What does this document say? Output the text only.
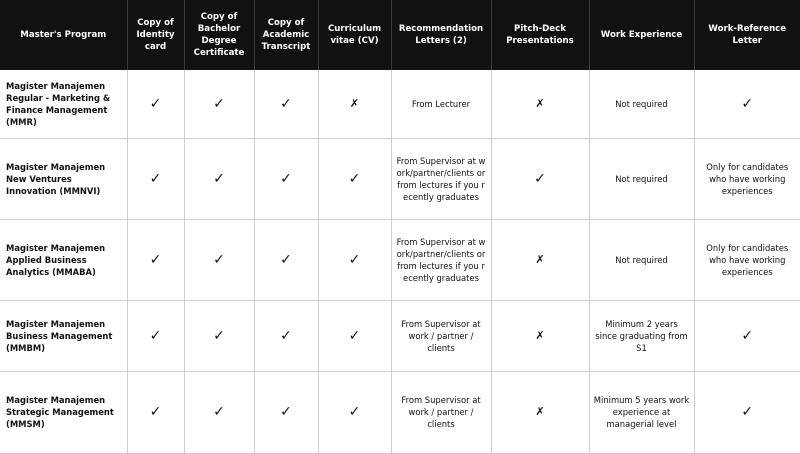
Master's Program	Copy of Identity card	Copy of Bachelor Degree Certificate	Copy of Academic Transcript	Curriculum vitae (CV)	Recommendation Letters (2)	Pitch-Deck Presentations	Work Experience	Work-Reference Letter
Magister Manajemen Regular - Marketing & Finance Management (MMR)	✓	✓	✓	✗	From Lecturer	✗	Not required	✓
Magister Manajemen New Ventures Innovation (MMNVI)	✓	✓	✓	✓	From Supervisor at work/partner/clients or from lectures if you recently graduates	✓	Not required	Only for candidates who have working experiences
Magister Manajemen Applied Business Analytics (MMABA)	✓	✓	✓	✓	From Supervisor at work/partner/clients or from lectures if you recently graduates	✗	Not required	Only for candidates who have working experiences
Magister Manajemen Business Management (MMBM)	✓	✓	✓	✓	From Supervisor at work / partner / clients	✗	Minimum 2 years since graduating from S1	✓
Magister Manajemen Strategic Management (MMSM)	✓	✓	✓	✓	From Supervisor at work / partner / clients	✗	Minimum 5 years work experience at managerial level	✓
